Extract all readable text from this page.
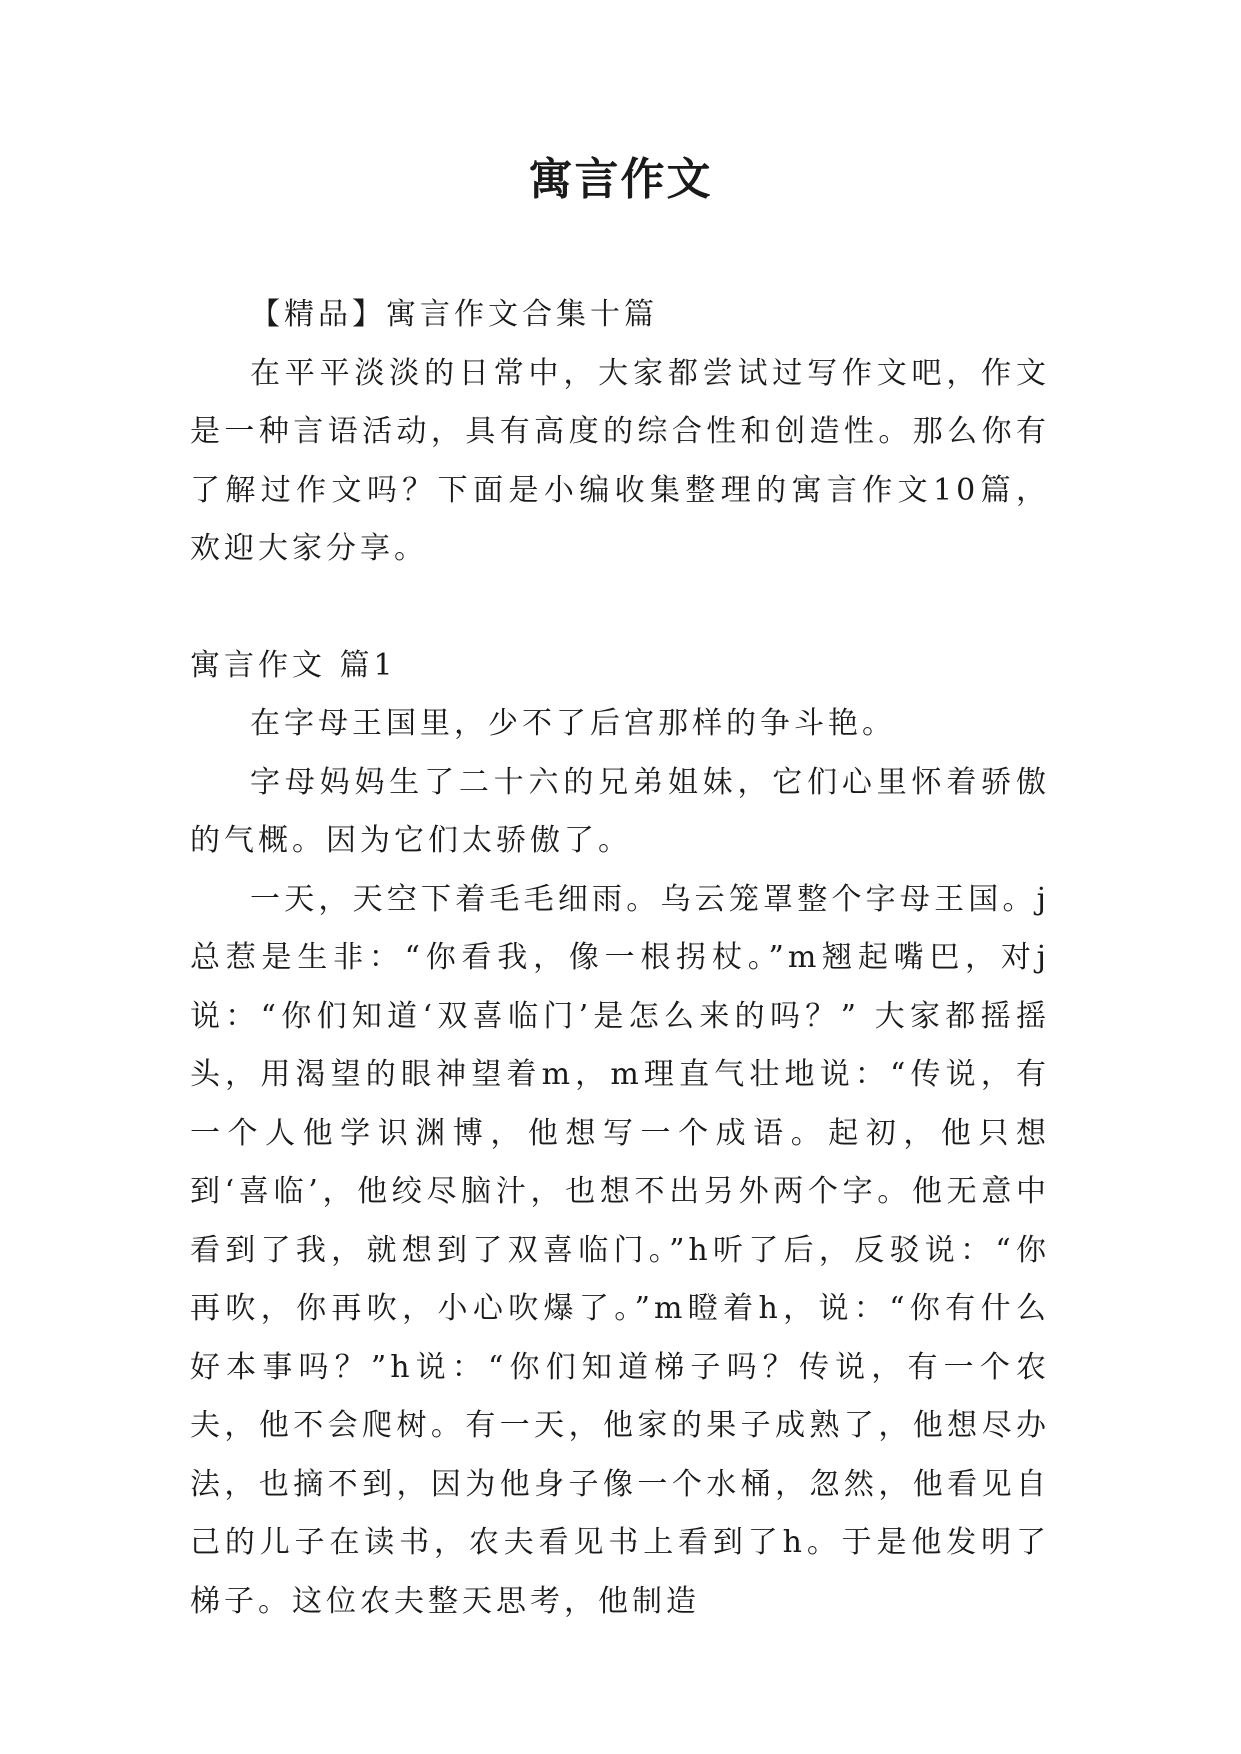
寓言作文

【精品】寓言作文合集十篇

在平平淡淡的日常中，大家都尝试过写作文吧，作文是一种言语活动，具有高度的综合性和创造性。那么你有了解过作文吗？下面是小编收集整理的寓言作文10篇，欢迎大家分享。

寓言作文 篇1

在字母王国里，少不了后宫那样的争斗艳。

字母妈妈生了二十六的兄弟姐妹，它们心里怀着骄傲的气概。因为它们太骄傲了。

一天，天空下着毛毛细雨。乌云笼罩整个字母王国。j总惹是生非：“你看我，像一根拐杖。”m翘起嘴巴，对j说：“你们知道‘双喜临门’是怎么来的吗？” 大家都摇摇头，用渴望的眼神望着m，m理直气壮地说：“传说，有一个人他学识渊博，他想写一个成语。起初，他只想到‘喜临’，他绞尽脑汁，也想不出另外两个字。他无意中看到了我，就想到了双喜临门。”h听了后，反驳说：“你再吹，你再吹，小心吹爆了。”m瞪着h，说：“你有什么好本事吗？”h说：“你们知道梯子吗？传说，有一个农夫，他不会爬树。有一天，他家的果子成熟了，他想尽办法，也摘不到，因为他身子像一个水桶，忽然，他看见自己的儿子在读书，农夫看见书上看到了h。于是他发明了梯子。这位农夫整天思考，他制造
